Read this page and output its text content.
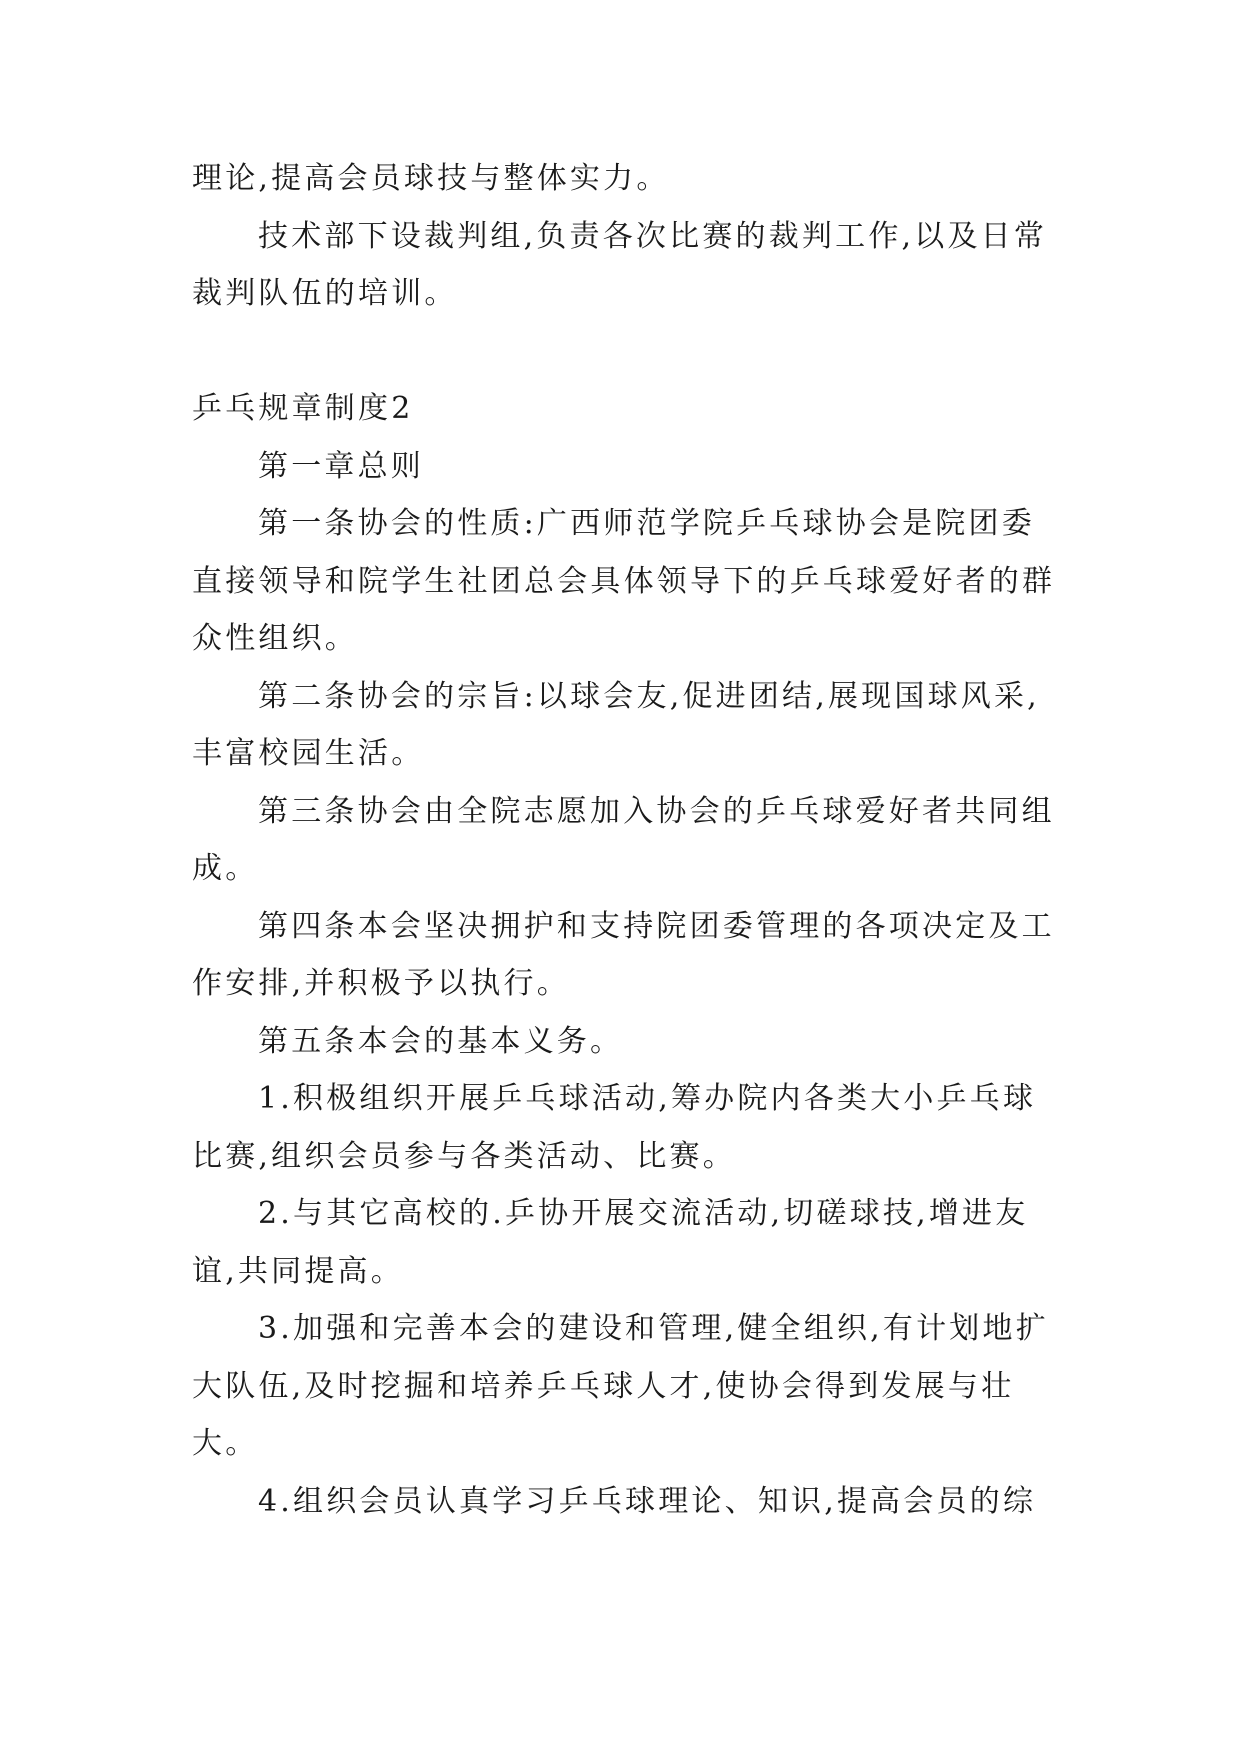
理论,提高会员球技与整体实力。

技术部下设裁判组,负责各次比赛的裁判工作,以及日常裁判队伍的培训。

乒乓规章制度2

第一章总则

第一条协会的性质:广西师范学院乒乓球协会是院团委直接领导和院学生社团总会具体领导下的乒乓球爱好者的群众性组织。

第二条协会的宗旨:以球会友,促进团结,展现国球风采,丰富校园生活。

第三条协会由全院志愿加入协会的乒乓球爱好者共同组成。

第四条本会坚决拥护和支持院团委管理的各项决定及工作安排,并积极予以执行。

第五条本会的基本义务。

1.积极组织开展乒乓球活动,筹办院内各类大小乒乓球比赛,组织会员参与各类活动、比赛。

2.与其它高校的.乒协开展交流活动,切磋球技,增进友谊,共同提高。

3.加强和完善本会的建设和管理,健全组织,有计划地扩大队伍,及时挖掘和培养乒乓球人才,使协会得到发展与壮大。

4.组织会员认真学习乒乓球理论、知识,提高会员的综
